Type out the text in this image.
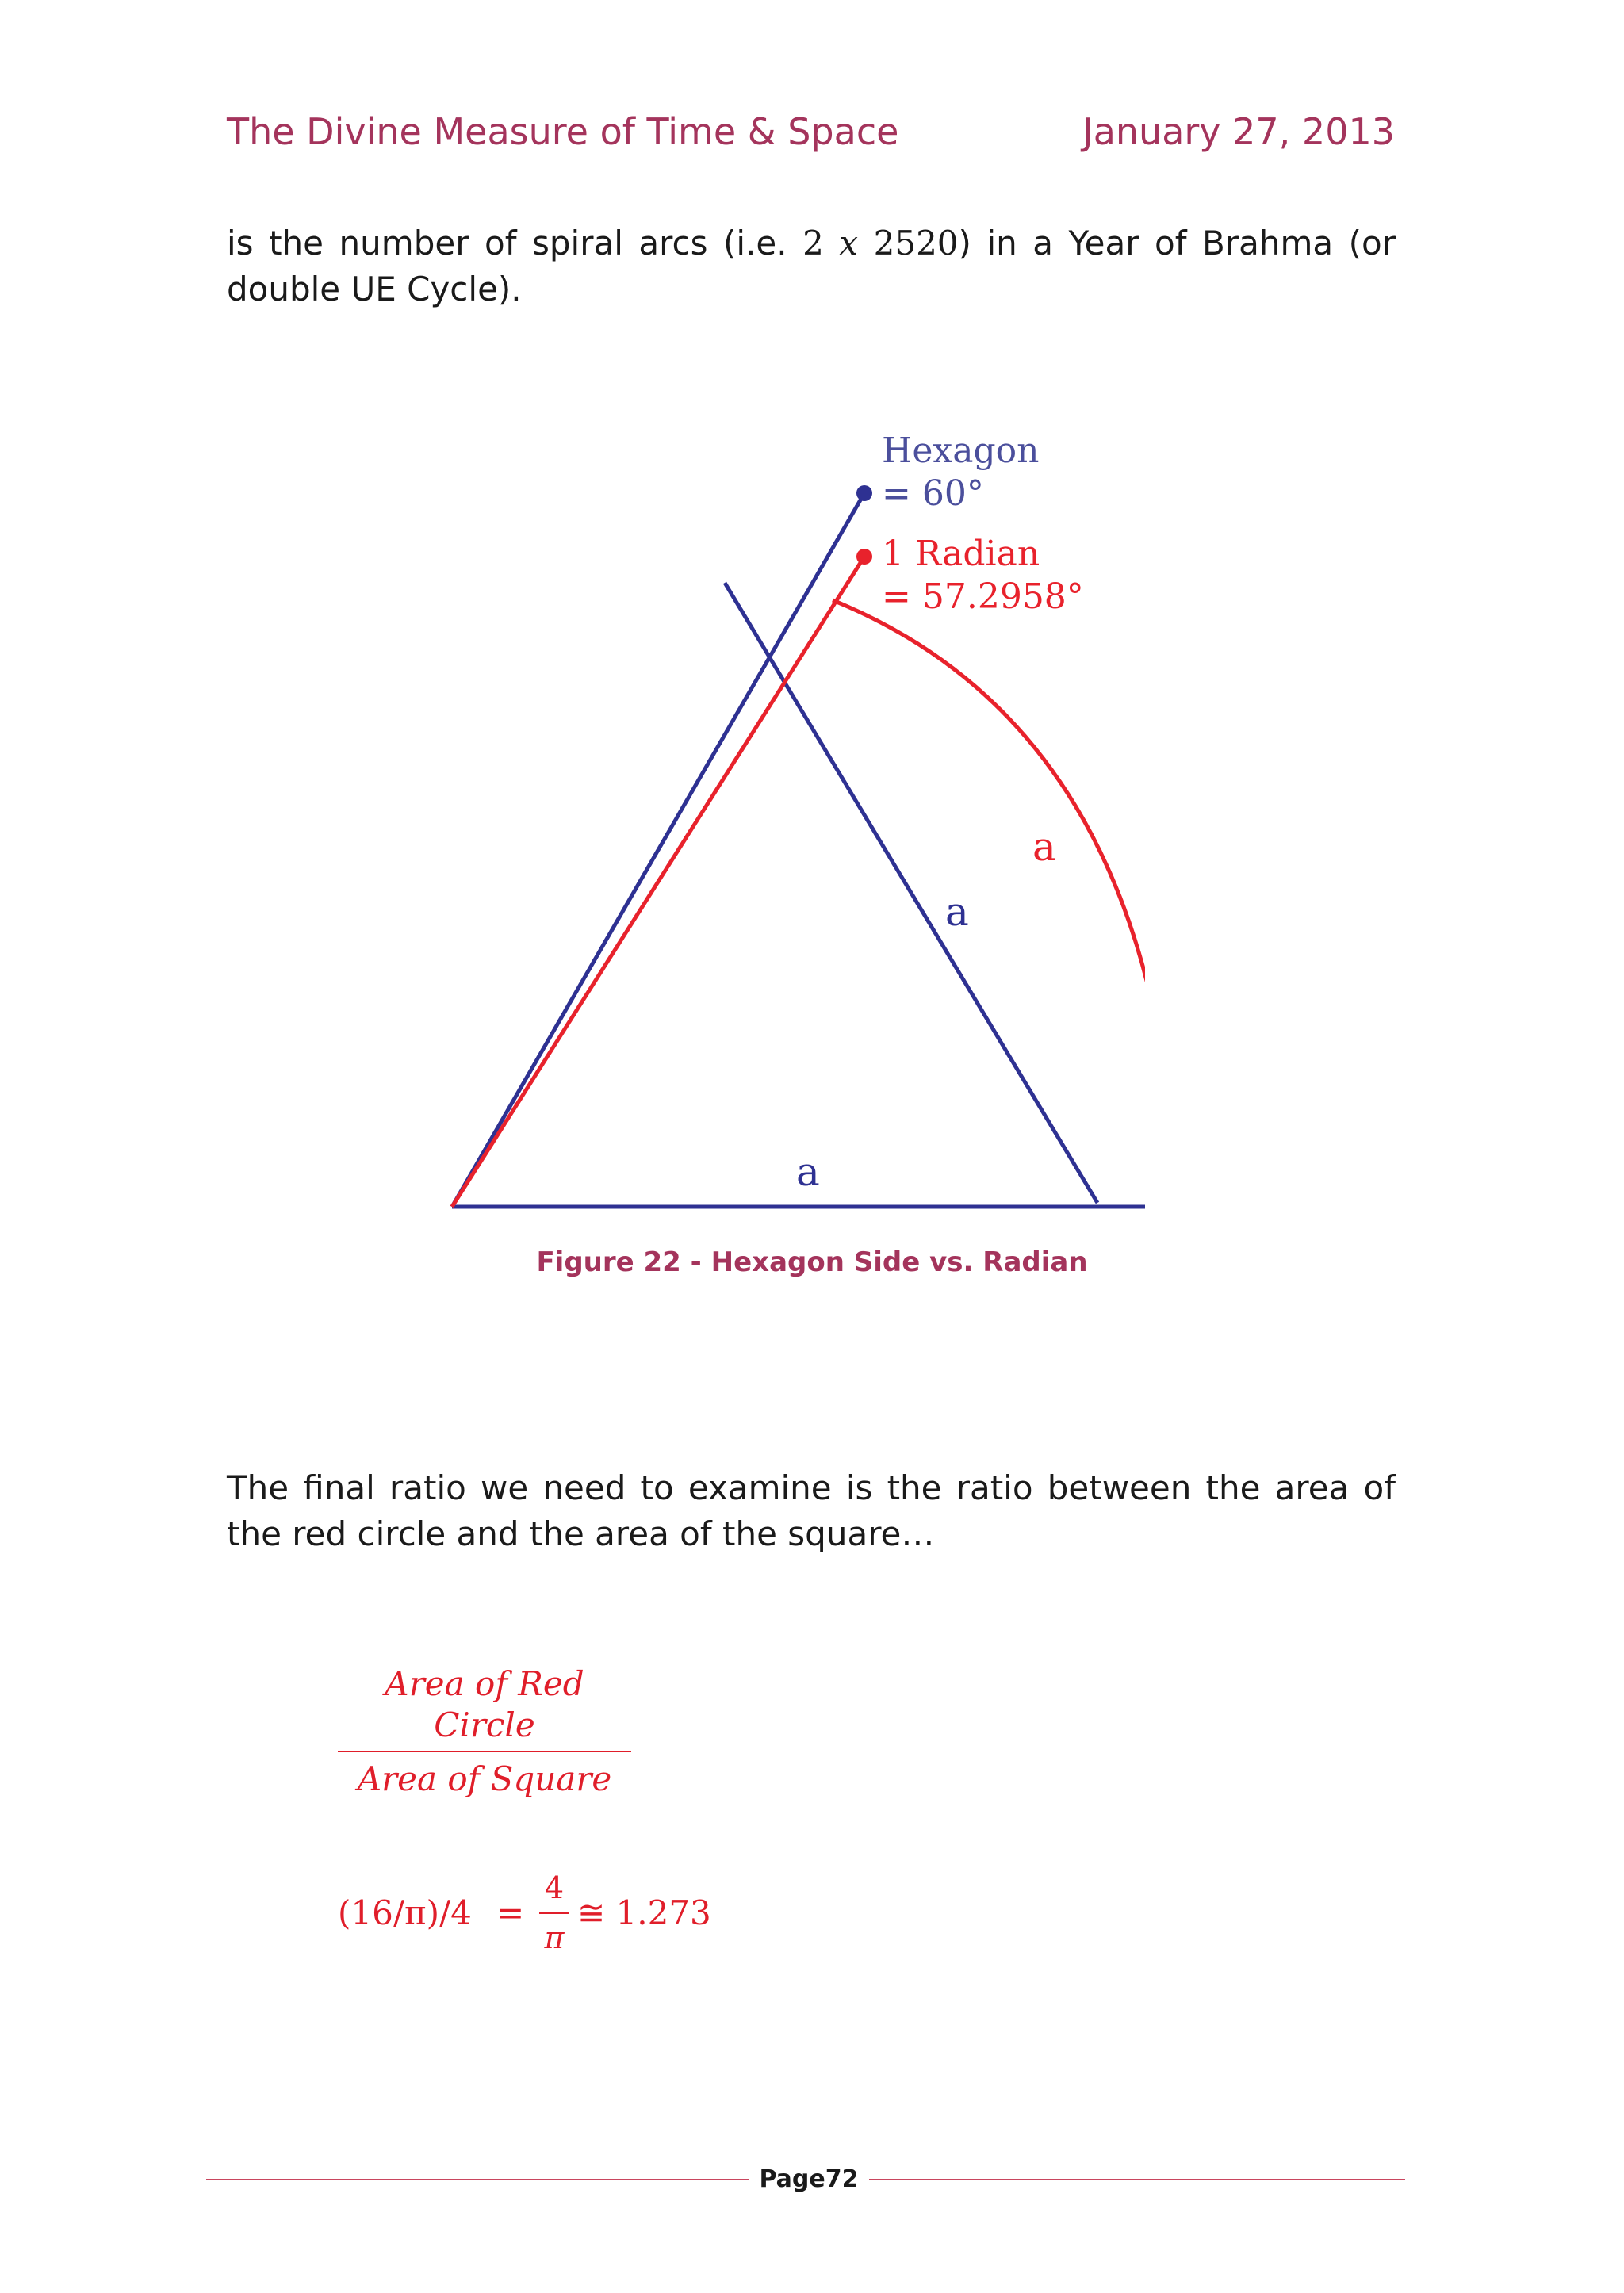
The Divine Measure of Time & Space	January 27, 2013
is the number of spiral arcs (i.e. 2 x 2520) in a Year of Brahma (or double UE Cycle).
Hexagon
= 60°
1 Radian
= 57.2958°
a
a
a
Figure 22 - Hexagon Side vs. Radian
The final ratio we need to examine is the ratio between the area of the red circle and the area of the square…
Area of Red Circle
Area of Square
(16/π)/4 =
4
π
≅ 1.273
Page72
